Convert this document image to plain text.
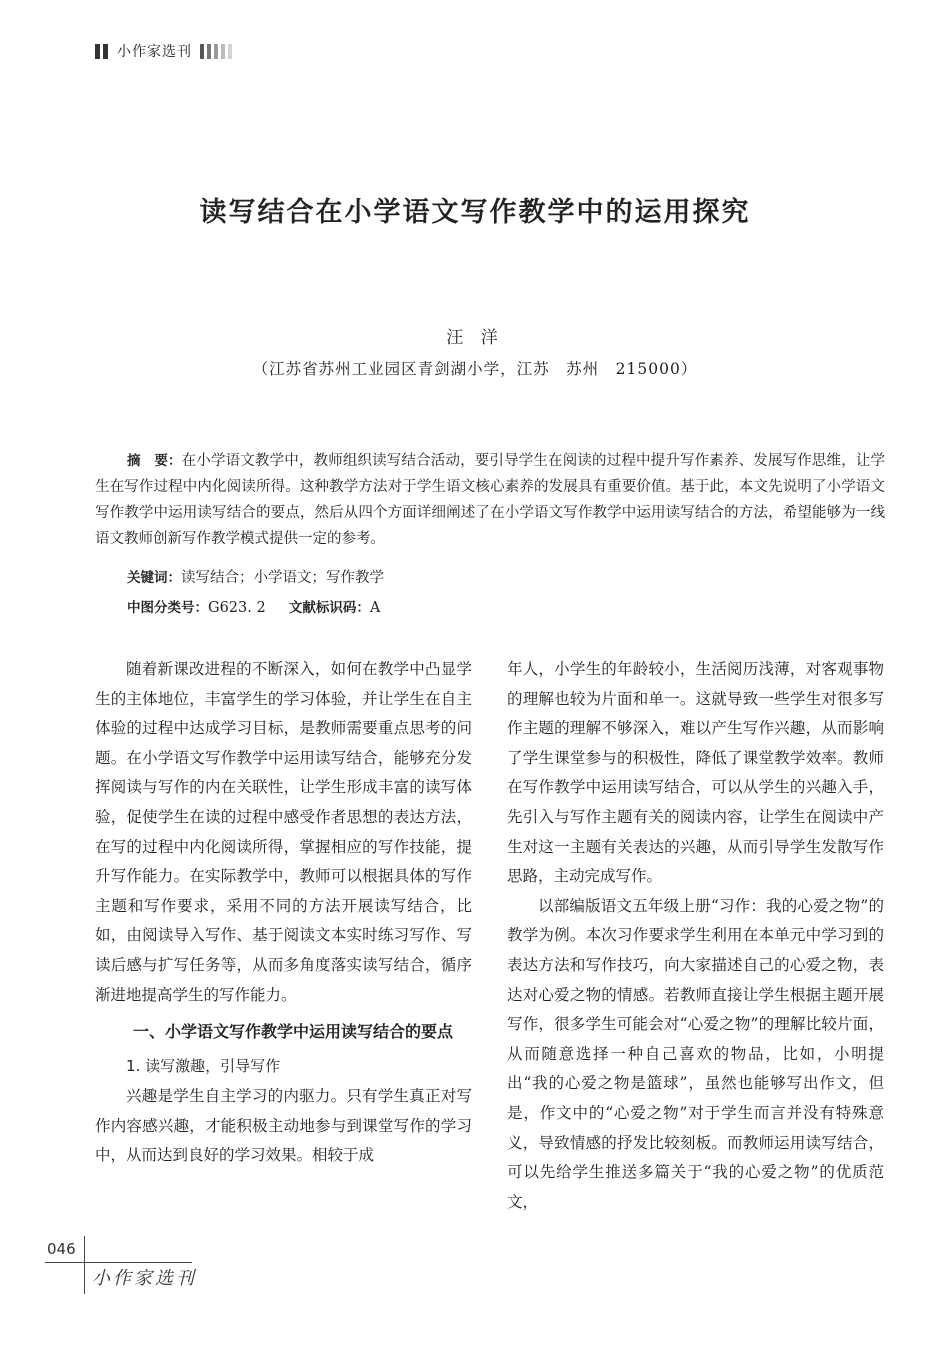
小作家选刊
读写结合在小学语文写作教学中的运用探究
汪 洋
（江苏省苏州工业园区青剑湖小学，江苏　苏州　215000）

摘　要：在小学语文教学中，教师组织读写结合活动，要引导学生在阅读的过程中提升写作素养、发展写作思维，让学生在写作过程中内化阅读所得。这种教学方法对于学生语文核心素养的发展具有重要价值。基于此，本文先说明了小学语文写作教学中运用读写结合的要点，然后从四个方面详细阐述了在小学语文写作教学中运用读写结合的方法，希望能够为一线语文教师创新写作教学模式提供一定的参考。

关键词：读写结合；小学语文；写作教学
中图分类号：G623. 2 文献标识码：A

随着新课改进程的不断深入，如何在教学中凸显学生的主体地位，丰富学生的学习体验，并让学生在自主体验的过程中达成学习目标，是教师需要重点思考的问题。在小学语文写作教学中运用读写结合，能够充分发挥阅读与写作的内在关联性，让学生形成丰富的读写体验，促使学生在读的过程中感受作者思想的表达方法，在写的过程中内化阅读所得，掌握相应的写作技能，提升写作能力。在实际教学中，教师可以根据具体的写作主题和写作要求，采用不同的方法开展读写结合，比如，由阅读导入写作、基于阅读文本实时练习写作、写读后感与扩写任务等，从而多角度落实读写结合，循序渐进地提高学生的写作能力。

一、小学语文写作教学中运用读写结合的要点

1. 读写激趣，引导写作

兴趣是学生自主学习的内驱力。只有学生真正对写作内容感兴趣，才能积极主动地参与到课堂写作的学习中，从而达到良好的学习效果。相较于成

年人，小学生的年龄较小，生活阅历浅薄，对客观事物的理解也较为片面和单一。这就导致一些学生对很多写作主题的理解不够深入，难以产生写作兴趣，从而影响了学生课堂参与的积极性，降低了课堂教学效率。教师在写作教学中运用读写结合，可以从学生的兴趣入手，先引入与写作主题有关的阅读内容，让学生在阅读中产生对这一主题有关表达的兴趣，从而引导学生发散写作思路，主动完成写作。

以部编版语文五年级上册“习作：我的心爱之物”的教学为例。本次习作要求学生利用在本单元中学习到的表达方法和写作技巧，向大家描述自己的心爱之物，表达对心爱之物的情感。若教师直接让学生根据主题开展写作，很多学生可能会对“心爱之物”的理解比较片面，从而随意选择一种自己喜欢的物品，比如，小明提出“我的心爱之物是篮球”，虽然也能够写出作文，但是，作文中的“心爱之物”对于学生而言并没有特殊意义，导致情感的抒发比较刻板。而教师运用读写结合，可以先给学生推送多篇关于“我的心爱之物”的优质范文，

046
小作家选刊
